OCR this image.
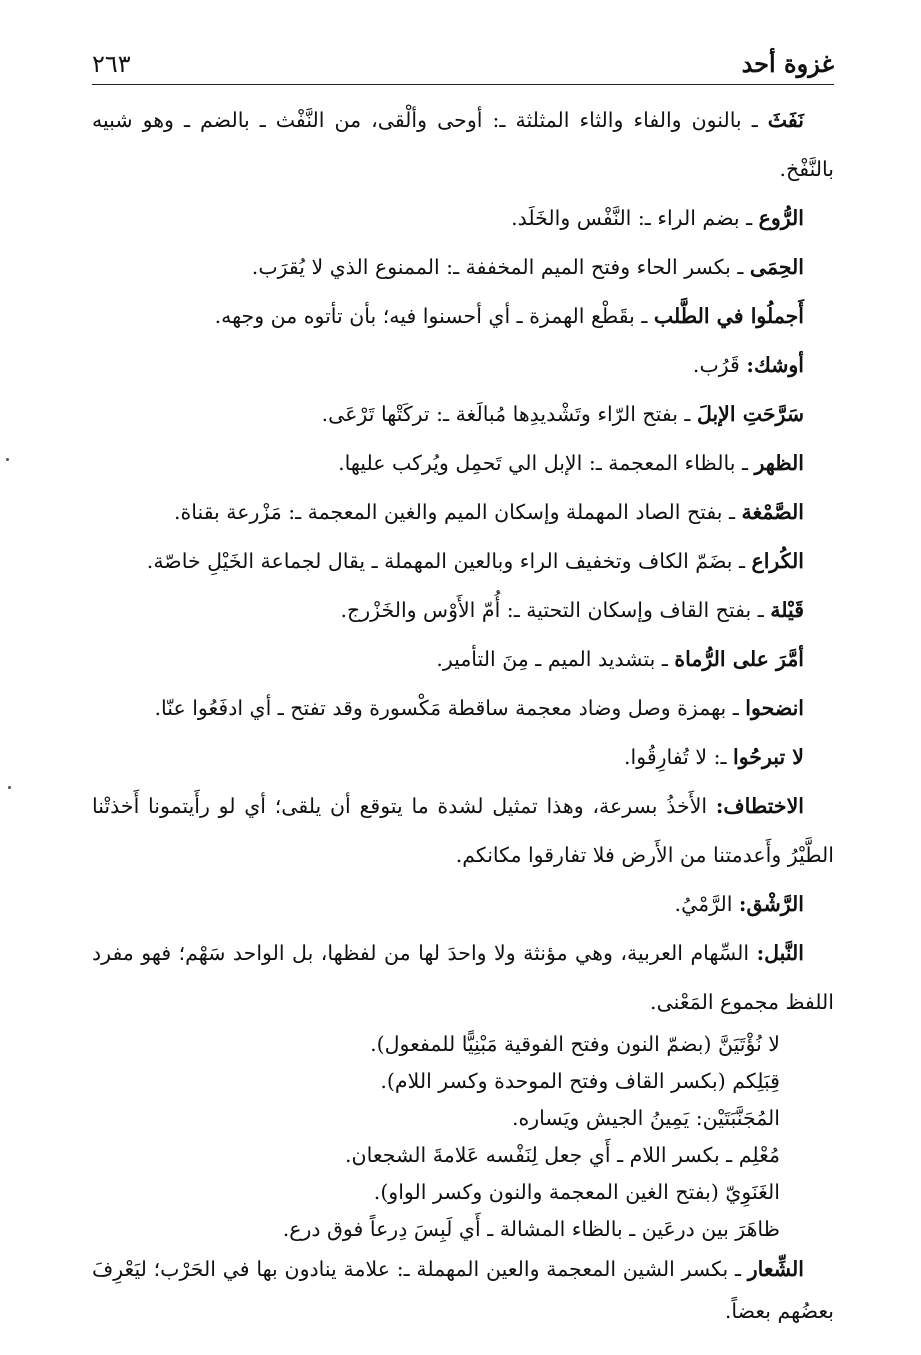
٢٦٣	غزوة أحد

نَفَثَ ـ بالنون والفاء والثاء المثلثة ـ: أوحى وألْقى، من النَّفْث ـ بالضم ـ وهو شبيه بالنَّفْخ.

الرُّوع ـ بضم الراء ـ: النَّفْس والخَلَد.

الحِمَى ـ بكسر الحاء وفتح الميم المخففة ـ: الممنوع الذي لا يُقرَب.

أَجملُوا في الطَّلب ـ بقَطْع الهمزة ـ أي أحسنوا فيه؛ بأن تأتوه من وجهه.

أوشك: قَرُب.

سَرَّحَتِ الإبلَ ـ بفتح الرّاء وتَشْديدِها مُبالَغة ـ: تركَتْها تَرْعَى.

الظهر ـ بالظاء المعجمة ـ: الإبل الي تَحمِل ويُركب عليها.

الصَّمْغة ـ بفتح الصاد المهملة وإسكان الميم والغين المعجمة ـ: مَزْرعة بقناة.

الكُراع ـ بضَمّ الكاف وتخفيف الراء وبالعين المهملة ـ يقال لجماعة الخَيْلِ خاصّة.

قَيْلة ـ بفتح القاف وإسكان التحتية ـ: أُمّ الأَوْس والخَزْرج.

أمَّرَ على الرُّماة ـ بتشديد الميم ـ مِنَ التأمير.

انضحوا ـ بهمزة وصل وضاد معجمة ساقطة مَكْسورة وقد تفتح ـ أي ادفَعُوا عنّا.

لا تبرحُوا ـ: لا تُفارِقُوا.

الاختطاف: الأَخذُ بسرعة، وهذا تمثيل لشدة ما يتوقع أن يلقى؛ أي لو رأَيتمونا أَخذتْنا الطَّيْرُ وأَعدمتنا من الأَرض فلا تفارقوا مكانكم.

الرَّشْق: الرَّمْيُ.

النَّبل: السِّهام العربية، وهي مؤنثة ولا واحدَ لها من لفظها، بل الواحد سَهْم؛ فهو مفرد اللفظ مجموع المَعْنى.

لا نُؤْتَيَنَّ (بضمّ النون وفتح الفوقية مَبْنِيًّا للمفعول).

قِبَلِكم (بكسر القاف وفتح الموحدة وكسر اللام).

المُجَنَّبَتَيْن: يَمِينُ الجيش ويَساره.

مُعْلِم ـ بكسر اللام ـ أَي جعل لِنَفْسه عَلامةَ الشجعان.

الغَنَوِيّ (بفتح الغين المعجمة والنون وكسر الواو).

ظاهَرَ بين درعَين ـ بالظاء المشالة ـ أَي لَبِسَ دِرعاً فوق درع.

الشِّعار ـ بكسر الشين المعجمة والعين المهملة ـ: علامة ينادون بها في الحَرْب؛ ليَعْرِفَ بعضُهم بعضاً.
